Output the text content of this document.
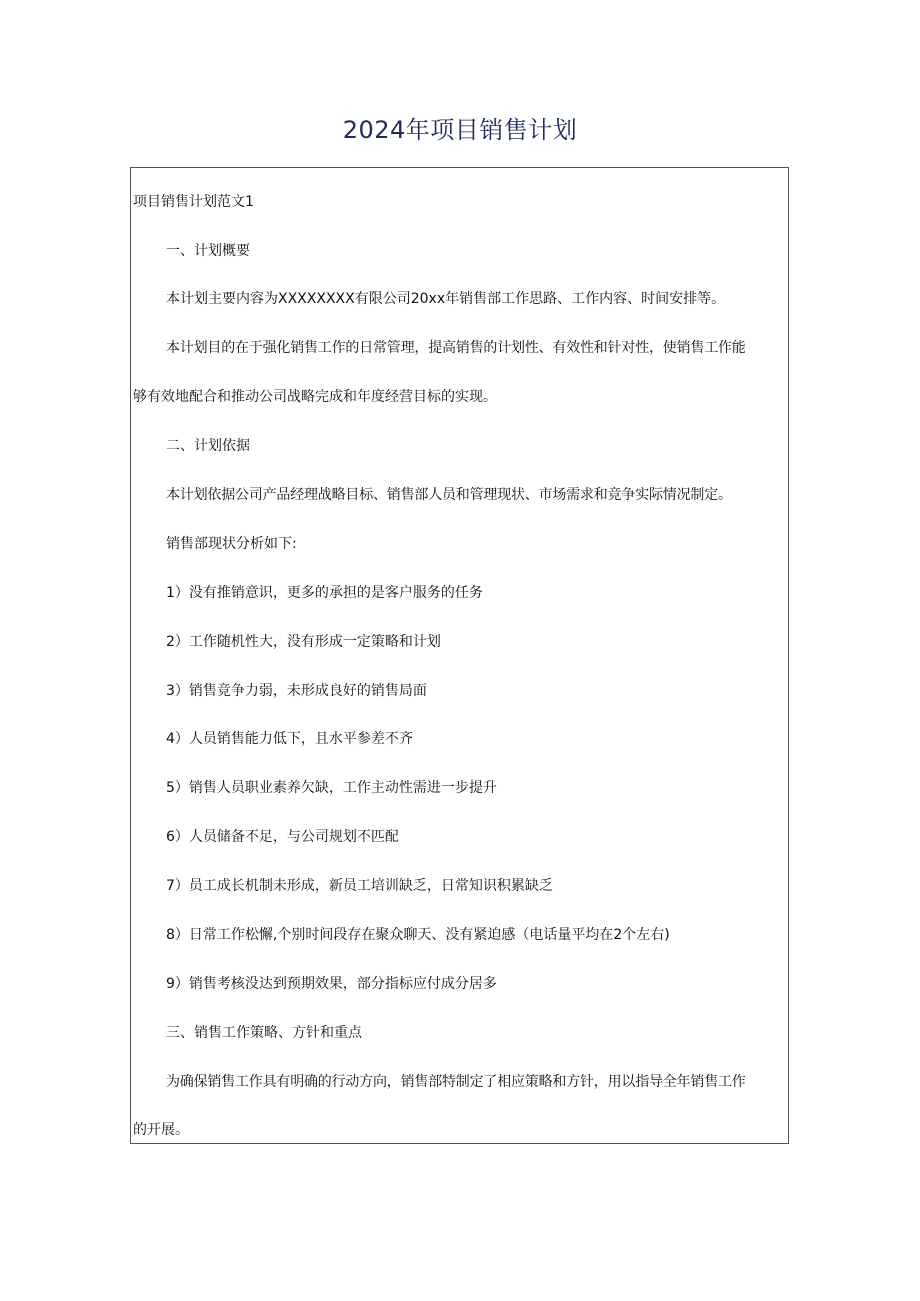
2024年项目销售计划
项目销售计划范文1
一、计划概要
本计划主要内容为XXXXXXXX有限公司20xx年销售部工作思路、工作内容、时间安排等。
本计划目的在于强化销售工作的日常管理，提高销售的计划性、有效性和针对性，使销售工作能
够有效地配合和推动公司战略完成和年度经营目标的实现。
二、计划依据
本计划依据公司产品经理战略目标、销售部人员和管理现状、市场需求和竞争实际情况制定。
销售部现状分析如下:
1）没有推销意识，更多的承担的是客户服务的任务
2）工作随机性大，没有形成一定策略和计划
3）销售竞争力弱，未形成良好的销售局面
4）人员销售能力低下，且水平参差不齐
5）销售人员职业素养欠缺，工作主动性需进一步提升
6）人员储备不足，与公司规划不匹配
7）员工成长机制未形成，新员工培训缺乏，日常知识积累缺乏
8）日常工作松懈,个别时间段存在聚众聊天、没有紧迫感（电话量平均在2个左右)
9）销售考核没达到预期效果，部分指标应付成分居多
三、销售工作策略、方针和重点
为确保销售工作具有明确的行动方向，销售部特制定了相应策略和方针，用以指导全年销售工作
的开展。
